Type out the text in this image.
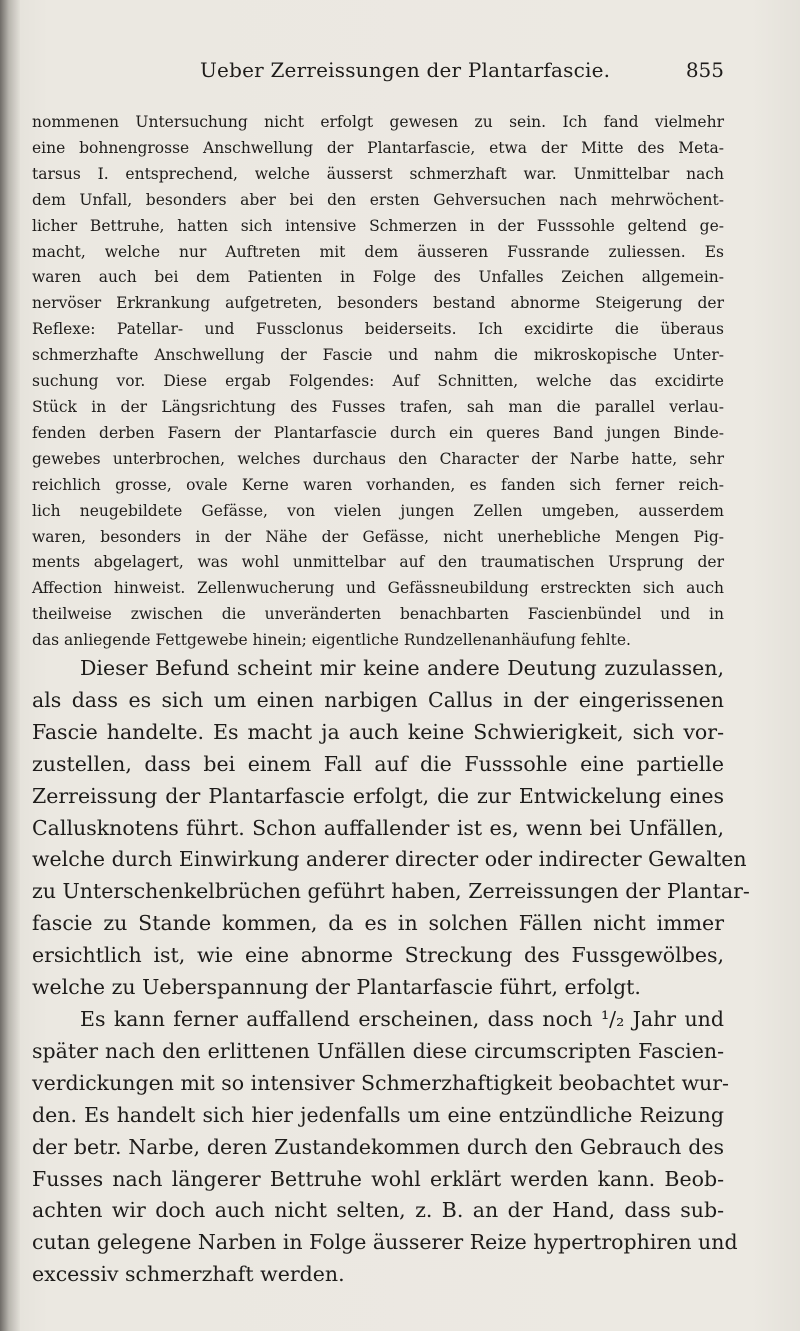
Ueber Zerreissungen der Plantarfascie.	855
nommenen Untersuchung nicht erfolgt gewesen zu sein. Ich fand vielmehr
eine bohnengrosse Anschwellung der Plantarfascie, etwa der Mitte des Meta-
tarsus I. entsprechend, welche äusserst schmerzhaft war. Unmittelbar nach
dem Unfall, besonders aber bei den ersten Gehversuchen nach mehrwöchent-
licher Bettruhe, hatten sich intensive Schmerzen in der Fusssohle geltend ge-
macht, welche nur Auftreten mit dem äusseren Fussrande zuliessen. Es
waren auch bei dem Patienten in Folge des Unfalles Zeichen allgemein-
nervöser Erkrankung aufgetreten, besonders bestand abnorme Steigerung der
Reflexe: Patellar- und Fussclonus beiderseits. Ich excidirte die überaus
schmerzhafte Anschwellung der Fascie und nahm die mikroskopische Unter-
suchung vor. Diese ergab Folgendes: Auf Schnitten, welche das excidirte
Stück in der Längsrichtung des Fusses trafen, sah man die parallel verlau-
fenden derben Fasern der Plantarfascie durch ein queres Band jungen Binde-
gewebes unterbrochen, welches durchaus den Character der Narbe hatte, sehr
reichlich grosse, ovale Kerne waren vorhanden, es fanden sich ferner reich-
lich neugebildete Gefässe, von vielen jungen Zellen umgeben, ausserdem
waren, besonders in der Nähe der Gefässe, nicht unerhebliche Mengen Pig-
ments abgelagert, was wohl unmittelbar auf den traumatischen Ursprung der
Affection hinweist. Zellenwucherung und Gefässneubildung erstreckten sich auch
theilweise zwischen die unveränderten benachbarten Fascienbündel und in
das anliegende Fettgewebe hinein; eigentliche Rundzellenanhäufung fehlte.
Dieser Befund scheint mir keine andere Deutung zuzulassen,
als dass es sich um einen narbigen Callus in der eingerissenen
Fascie handelte. Es macht ja auch keine Schwierigkeit, sich vor-
zustellen, dass bei einem Fall auf die Fusssohle eine partielle
Zerreissung der Plantarfascie erfolgt, die zur Entwickelung eines
Callusknotens führt. Schon auffallender ist es, wenn bei Unfällen,
welche durch Einwirkung anderer directer oder indirecter Gewalten
zu Unterschenkelbrüchen geführt haben, Zerreissungen der Plantar-
fascie zu Stande kommen, da es in solchen Fällen nicht immer
ersichtlich ist, wie eine abnorme Streckung des Fussgewölbes,
welche zu Ueberspannung der Plantarfascie führt, erfolgt.
Es kann ferner auffallend erscheinen, dass noch ¹/₂ Jahr und
später nach den erlittenen Unfällen diese circumscripten Fascien-
verdickungen mit so intensiver Schmerzhaftigkeit beobachtet wur-
den. Es handelt sich hier jedenfalls um eine entzündliche Reizung
der betr. Narbe, deren Zustandekommen durch den Gebrauch des
Fusses nach längerer Bettruhe wohl erklärt werden kann. Beob-
achten wir doch auch nicht selten, z. B. an der Hand, dass sub-
cutan gelegene Narben in Folge äusserer Reize hypertrophiren und
excessiv schmerzhaft werden.
